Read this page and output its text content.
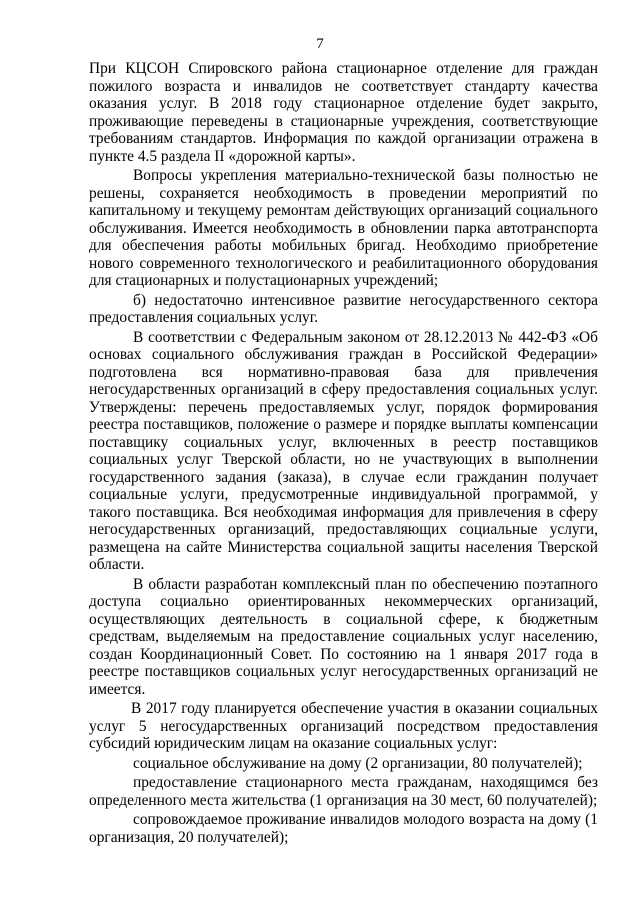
7

При КЦСОН Спировского района стационарное отделение для граждан пожилого возраста и инвалидов не соответствует стандарту качества оказания услуг. В 2018 году стационарное отделение будет закрыто, проживающие переведены в стационарные учреждения, соответствующие требованиям стандартов. Информация по каждой организации отражена в пункте 4.5 раздела II «дорожной карты».

Вопросы укрепления материально-технической базы полностью не решены, сохраняется необходимость в проведении мероприятий по капитальному и текущему ремонтам действующих организаций социального обслуживания. Имеется необходимость в обновлении парка автотранспорта для обеспечения работы мобильных бригад. Необходимо приобретение нового современного технологического и реабилитационного оборудования для стационарных и полустационарных учреждений;

б) недостаточно интенсивное развитие негосударственного сектора предоставления социальных услуг.

В соответствии с Федеральным законом от 28.12.2013 № 442-ФЗ «Об основах социального обслуживания граждан в Российской Федерации» подготовлена вся нормативно-правовая база для привлечения негосударственных организаций в сферу предоставления социальных услуг. Утверждены: перечень предоставляемых услуг, порядок формирования реестра поставщиков, положение о размере и порядке выплаты компенсации поставщику социальных услуг, включенных в реестр поставщиков социальных услуг Тверской области, но не участвующих в выполнении государственного задания (заказа), в случае если гражданин получает социальные услуги, предусмотренные индивидуальной программой, у такого поставщика. Вся необходимая информация для привлечения в сферу негосударственных организаций, предоставляющих социальные услуги, размещена на сайте Министерства социальной защиты населения Тверской области.

В области разработан комплексный план по обеспечению поэтапного доступа социально ориентированных некоммерческих организаций, осуществляющих деятельность в социальной сфере, к бюджетным средствам, выделяемым на предоставление социальных услуг населению, создан Координационный Совет. По состоянию на 1 января 2017 года в реестре поставщиков социальных услуг негосударственных организаций не имеется.

В 2017 году планируется обеспечение участия в оказании социальных услуг 5 негосударственных организаций посредством предоставления субсидий юридическим лицам на оказание социальных услуг:

социальное обслуживание на дому (2 организации, 80 получателей);

предоставление стационарного места гражданам, находящимся без определенного места жительства (1 организация на 30 мест, 60 получателей);

сопровождаемое проживание инвалидов молодого возраста на дому (1 организация, 20 получателей);
